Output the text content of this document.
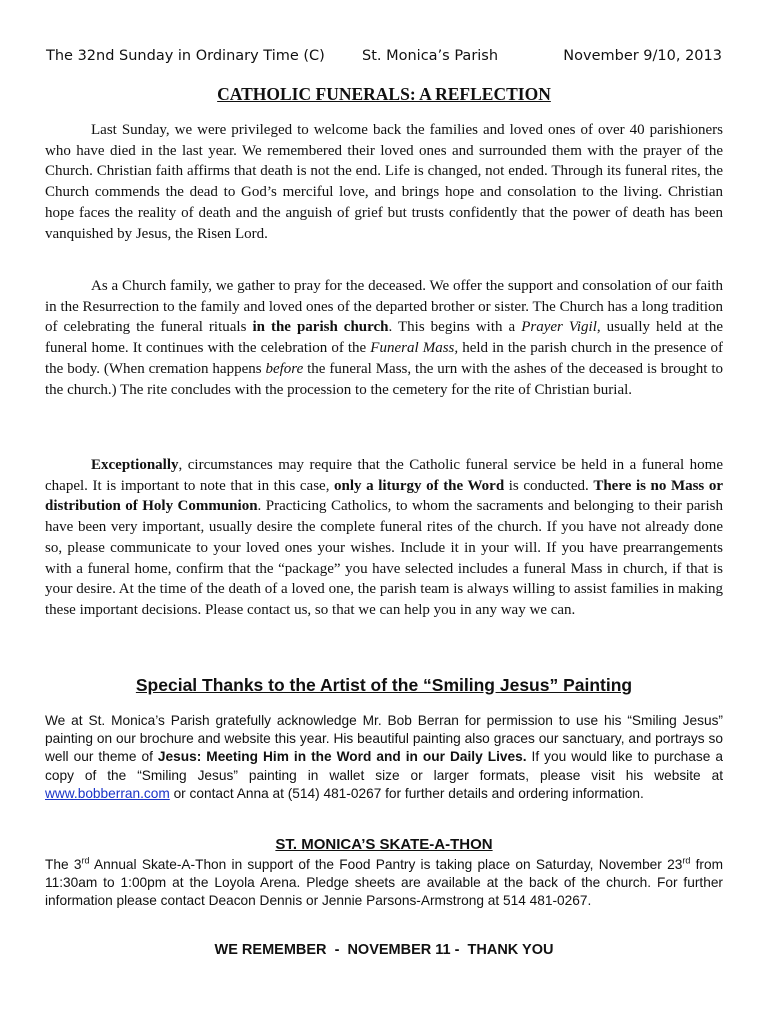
The 32nd Sunday in Ordinary Time (C)	St. Monica’s Parish	November 9/10, 2013
CATHOLIC FUNERALS: A REFLECTION

Last Sunday, we were privileged to welcome back the families and loved ones of over 40 parishioners who have died in the last year. We remembered their loved ones and surrounded them with the prayer of the Church. Christian faith affirms that death is not the end. Life is changed, not ended. Through its funeral rites, the Church commends the dead to God’s merciful love, and brings hope and consolation to the living. Christian hope faces the reality of death and the anguish of grief but trusts confidently that the power of death has been vanquished by Jesus, the Risen Lord.

As a Church family, we gather to pray for the deceased. We offer the support and consolation of our faith in the Resurrection to the family and loved ones of the departed brother or sister. The Church has a long tradition of celebrating the funeral rituals in the parish church. This begins with a Prayer Vigil, usually held at the funeral home. It continues with the celebration of the Funeral Mass, held in the parish church in the presence of the body. (When cremation happens before the funeral Mass, the urn with the ashes of the deceased is brought to the church.) The rite concludes with the procession to the cemetery for the rite of Christian burial.

Exceptionally, circumstances may require that the Catholic funeral service be held in a funeral home chapel. It is important to note that in this case, only a liturgy of the Word is conducted. There is no Mass or distribution of Holy Communion. Practicing Catholics, to whom the sacraments and belonging to their parish have been very important, usually desire the complete funeral rites of the church. If you have not already done so, please communicate to your loved ones your wishes. Include it in your will. If you have prearrangements with a funeral home, confirm that the “package” you have selected includes a funeral Mass in church, if that is your desire. At the time of the death of a loved one, the parish team is always willing to assist families in making these important decisions. Please contact us, so that we can help you in any way we can.

Special Thanks to the Artist of the “Smiling Jesus” Painting

We at St. Monica’s Parish gratefully acknowledge Mr. Bob Berran for permission to use his “Smiling Jesus” painting on our brochure and website this year. His beautiful painting also graces our sanctuary, and portrays so well our theme of Jesus: Meeting Him in the Word and in our Daily Lives. If you would like to purchase a copy of the “Smiling Jesus” painting in wallet size or larger formats, please visit his website at www.bobberran.com or contact Anna at (514) 481-0267 for further details and ordering information.

ST. MONICA’S SKATE-A-THON

The 3rd Annual Skate-A-Thon in support of the Food Pantry is taking place on Saturday, November 23rd from 11:30am to 1:00pm at the Loyola Arena. Pledge sheets are available at the back of the church. For further information please contact Deacon Dennis or Jennie Parsons-Armstrong at 514 481-0267.

WE REMEMBER  -  NOVEMBER 11 -  THANK YOU
